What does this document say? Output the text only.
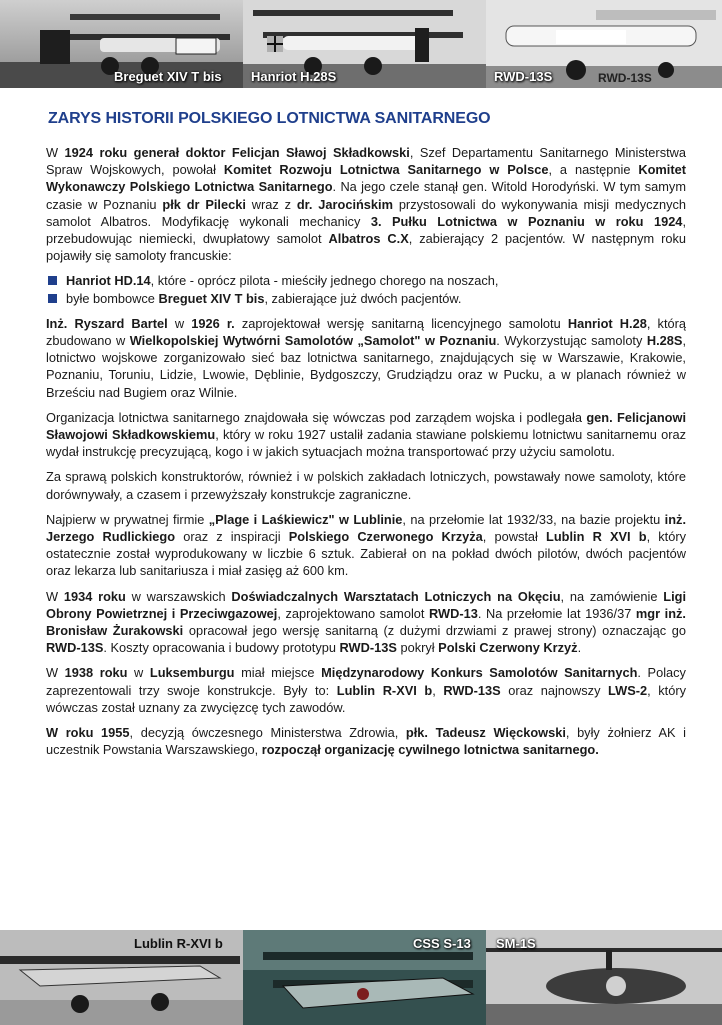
Breguet XIV T bis Hanriot H.28S	RWD-13S	RWD-13S
ZARYS HISTORII POLSKIEGO LOTNICTWA SANITARNEGO

W 1924 roku generał doktor Felicjan Sławoj Składkowski, Szef Departamentu Sanitarnego Ministerstwa Spraw Wojskowych, powołał Komitet Rozwoju Lotnictwa Sanitarnego w Polsce, a następnie Komitet Wykonawczy Polskiego Lotnictwa Sanitarnego. Na jego czele stanął gen. Witold Horodyński. W tym samym czasie w Poznaniu płk dr Pilecki wraz z dr. Jarocińskim przystosowali do wykonywania misji medycznych samolot Albatros. Modyfikację wykonali mechanicy 3. Pułku Lotnictwa w Poznaniu w roku 1924, przebudowując niemiecki, dwupłatowy samolot Albatros C.X, zabierający 2 pacjentów. W następnym roku pojawiły się samoloty francuskie:

Hanriot HD.14, które - oprócz pilota - mieściły jednego chorego na noszach,
byłe bombowce Breguet XIV T bis, zabierające już dwóch pacjentów.

Inż. Ryszard Bartel w 1926 r. zaprojektował wersję sanitarną licencyjnego samolotu Hanriot H.28, którą zbudowano w Wielkopolskiej Wytwórni Samolotów „Samolot" w Poznaniu. Wykorzystując samoloty H.28S, lotnictwo wojskowe zorganizowało sieć baz lotnictwa sanitarnego, znajdujących się w Warszawie, Krakowie, Poznaniu, Toruniu, Lidzie, Lwowie, Dęblinie, Bydgoszczy, Grudziądzu oraz w Pucku, a w planach również w Brześciu nad Bugiem oraz Wilnie.

Organizacja lotnictwa sanitarnego znajdowała się wówczas pod zarządem wojska i podlegała gen. Felicjanowi Sławojowi Składkowskiemu, który w roku 1927 ustalił zadania stawiane polskiemu lotnictwu sanitarnemu oraz wydał instrukcję precyzującą, kogo i w jakich sytuacjach można transportować przy użyciu samolotu.

Za sprawą polskich konstruktorów, również i w polskich zakładach lotniczych, powstawały nowe samoloty, które dorównywały, a czasem i przewyższały konstrukcje zagraniczne.

Najpierw w prywatnej firmie „Plage i Laśkiewicz" w Lublinie, na przełomie lat 1932/33, na bazie projektu inż. Jerzego Rudlickiego oraz z inspiracji Polskiego Czerwonego Krzyża, powstał Lublin R XVI b, który ostatecznie został wyprodukowany w liczbie 6 sztuk. Zabierał on na pokład dwóch pilotów, dwóch pacjentów oraz lekarza lub sanitariusza i miał zasięg aż 600 km.

W 1934 roku w warszawskich Doświadczalnych Warsztatach Lotniczych na Okęciu, na zamówienie Ligi Obrony Powietrznej i Przeciwgazowej, zaprojektowano samolot RWD-13. Na przełomie lat 1936/37 mgr inż. Bronisław Żurakowski opracował jego wersję sanitarną (z dużymi drzwiami z prawej strony) oznaczając go RWD-13S. Koszty opracowania i budowy prototypu RWD-13S pokrył Polski Czerwony Krzyż.

W 1938 roku w Luksemburgu miał miejsce Międzynarodowy Konkurs Samolotów Sanitarnych. Polacy zaprezentowali trzy swoje konstrukcje. Były to: Lublin R-XVI b, RWD-13S oraz najnowszy LWS-2, który wówczas został uznany za zwycięzcę tych zawodów.

W roku 1955, decyzją ówczesnego Ministerstwa Zdrowia, płk. Tadeusz Więckowski, były żołnierz AK i uczestnik Powstania Warszawskiego, rozpoczął organizację cywilnego lotnictwa sanitarnego.

Lublin R-XVI b	CSS S-13 SM-1S
